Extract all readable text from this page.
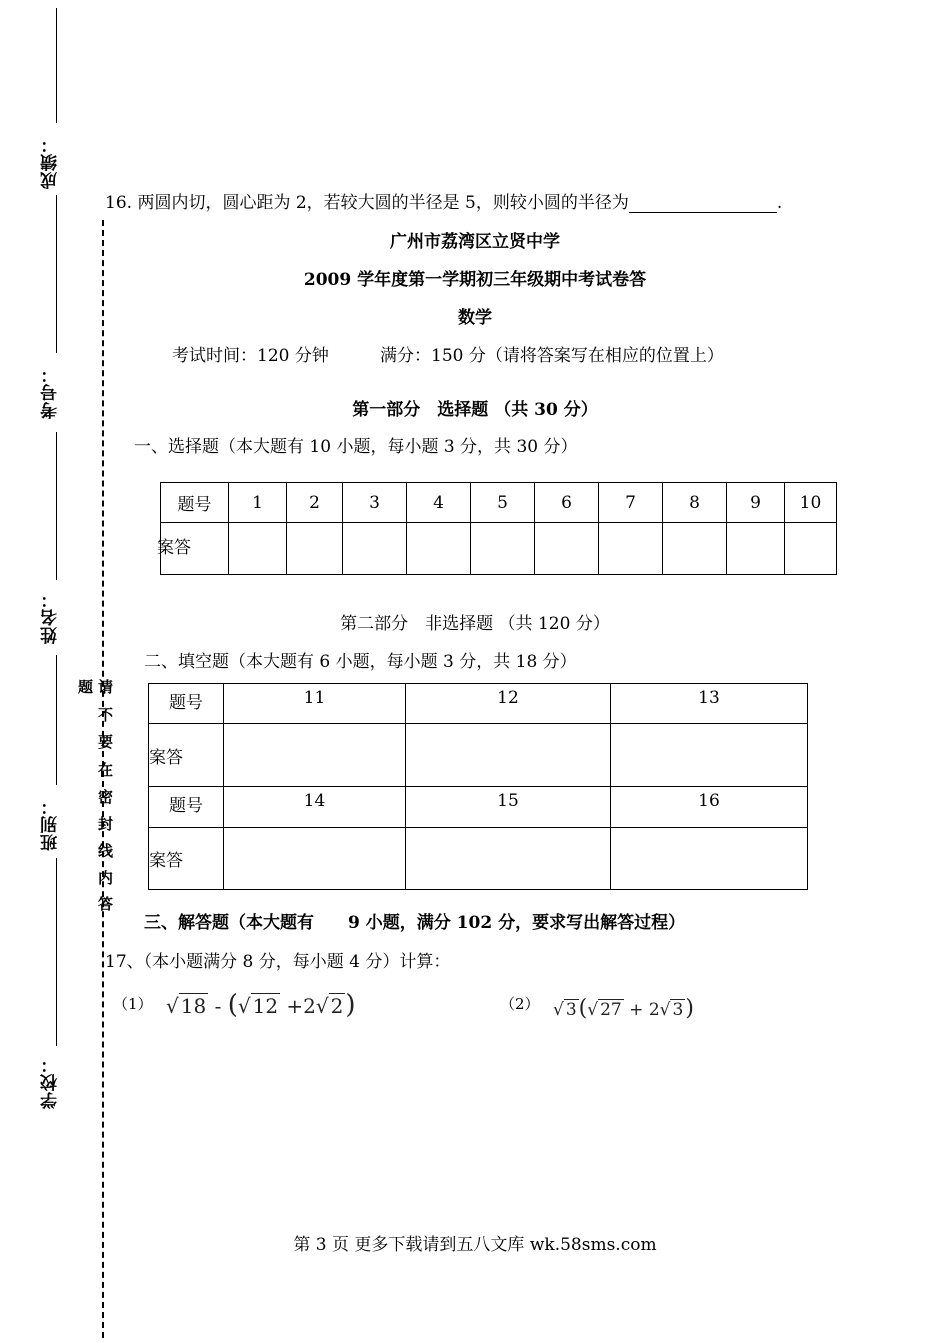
成绩：
考号：
姓名：
班别：
学校：
题 请
不
要
在
密
封
线
内
答
16. 两圆内切，圆心距为 2，若较大圆的半径是 5，则较小圆的半径为	.
广州市荔湾区立贤中学
2009 学年度第一学期初三年级期中考试卷答
数学
考试时间：120 分钟	满分：150 分（请将答案写在相应的位置上）
第一部分　选择题 （共 30 分）
一、选择题（本大题有 10 小题，每小题 3 分，共 30 分）
题号	1	2	3	4	5	6	7	8	9	10
案答										
第二部分　非选择题 （共 120 分）
二、填空题（本大题有 6 小题，每小题 3 分，共 18 分）
题号	11	12	13
案答			
题号	14	15	16
案答			
三、解答题（本大题有　　9 小题，满分 102 分，要求写出解答过程）
17、（本小题满分 8 分，每小题 4 分）计算：
（1） √ 18 - (√ 12 +2√ 2)	（2） √ 3(√ 27 + 2√ 3)
第 3 页 更多下载请到五八文库 wk.58sms.com
